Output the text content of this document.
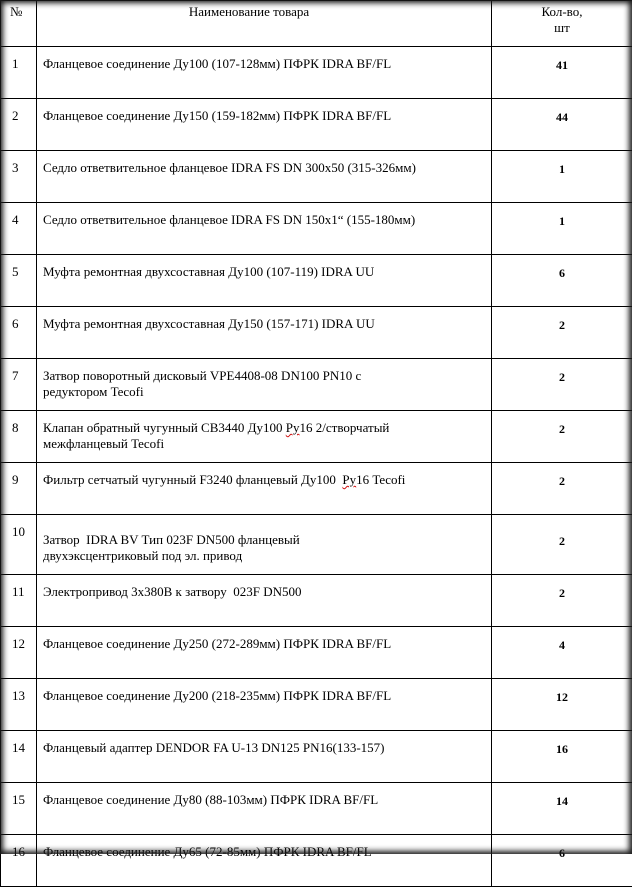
№	Наименование товара	Кол-во,
шт
1	Фланцевое соединение Ду100 (107-128мм) ПФРК IDRA BF/FL	41
2	Фланцевое соединение Ду150 (159-182мм) ПФРК IDRA BF/FL	44
3	Седло ответвительное фланцевое IDRA FS DN 300х50 (315-326мм)	1
4	Седло ответвительное фланцевое IDRA FS DN 150х1“ (155-180мм)	1
5	Муфта ремонтная двухсоставная Ду100 (107-119) IDRA UU	6
6	Муфта ремонтная двухсоставная Ду150 (157-171) IDRA UU	2
7	Затвор поворотный дисковый VPE4408-08 DN100 PN10 с
редуктором Tecofi	2
8	Клапан обратный чугунный СВ3440 Ду100 Ру16 2/створчатый
межфланцевый Tecofi	2
9	Фильтр сетчатый чугунный F3240 фланцевый Ду100  Ру16 Tecofi	2
10	Затвор  IDRA BV Тип 023F DN500 фланцевый
двухэксцентриковый под эл. привод	2
11	Электропривод 3х380В к затвору  023F DN500	2
12	Фланцевое соединение Ду250 (272-289мм) ПФРК IDRA BF/FL	4
13	Фланцевое соединение Ду200 (218-235мм) ПФРК IDRA BF/FL	12
14	Фланцевый адаптер DENDOR FA U-13 DN125 PN16(133-157)	16
15	Фланцевое соединение Ду80 (88-103мм) ПФРК IDRA BF/FL	14
16	Фланцевое соединение Ду65 (72-85мм) ПФРК IDRA BF/FL	6
